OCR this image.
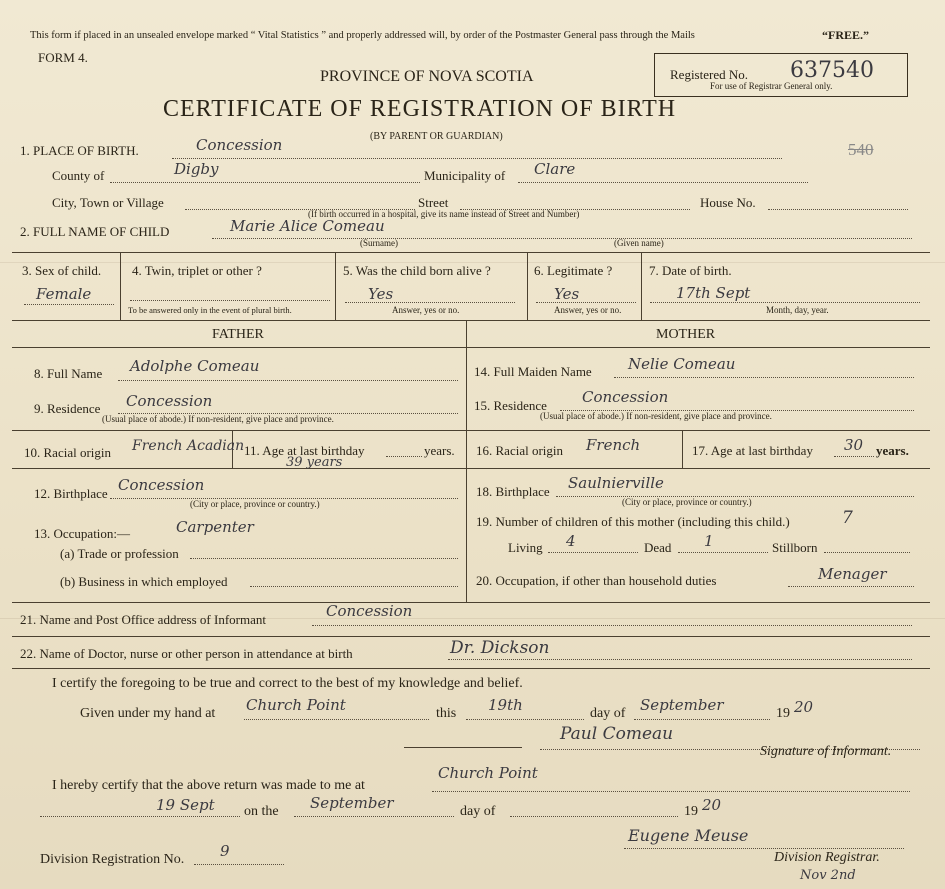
This form if placed in an unsealed envelope marked “ Vital Statistics ” and properly addressed will, by order of the Postmaster General pass through the Mails	“FREE.”
FORM 4.
PROVINCE OF NOVA SCOTIA
CERTIFICATE OF REGISTRATION OF BIRTH
(BY PARENT OR GUARDIAN)
Registered No. 637540
For use of Registrar General only.
540
1. PLACE OF BIRTH.	Concession
County of	Digby	Municipality of Clare
City, Town or Village	Street	House No.
(If birth occurred in a hospital, give its name instead of Street and Number)
2. FULL NAME OF CHILD	Marie Alice Comeau
(Surname)	(Given name)
3. Sex of child.
Female
4. Twin, triplet or other ?
To be answered only in the event of plural birth.
5. Was the child born alive ?
Yes
Answer, yes or no.
6. Legitimate ?
Yes
Answer, yes or no.
7. Date of birth.
17th Sept
Month, day, year.
FATHER	MOTHER
8. Full Name Adolphe Comeau
9. Residence Concession
(Usual place of abode.) If non-resident, give place and province.
10. Racial origin French Acadian 11. Age at last birthday	years.
39 years
12. Birthplace Concession
(City or place, province or country.)
13. Occupation:—	Carpenter
(a) Trade or profession
(b) Business in which employed
14. Full Maiden Name Nelie Comeau
15. Residence Concession
(Usual place of abode.) If non-resident, give place and province.
16. Racial origin French	17. Age at last birthday 30 years.
18. Birthplace Saulnierville
(City or place, province or country.)
19. Number of children of this mother (including this child.)	7
Living 4	Dead 1	Stillborn
20. Occupation, if other than household duties	Menager
21. Name and Post Office address of Informant	Concession
22. Name of Doctor, nurse or other person in attendance at birth	Dr. Dickson
I certify the foregoing to be true and correct to the best of my knowledge and belief.
Given under my hand at Church Point	this 19th	day of September	19 20
Paul Comeau
Signature of Informant.
I hereby certify that the above return was made to me at
Church Point
19 Sept on the September	day of	19 20
Eugene Meuse
Division Registrar.
Division Registration No. 9
Nov 2nd
